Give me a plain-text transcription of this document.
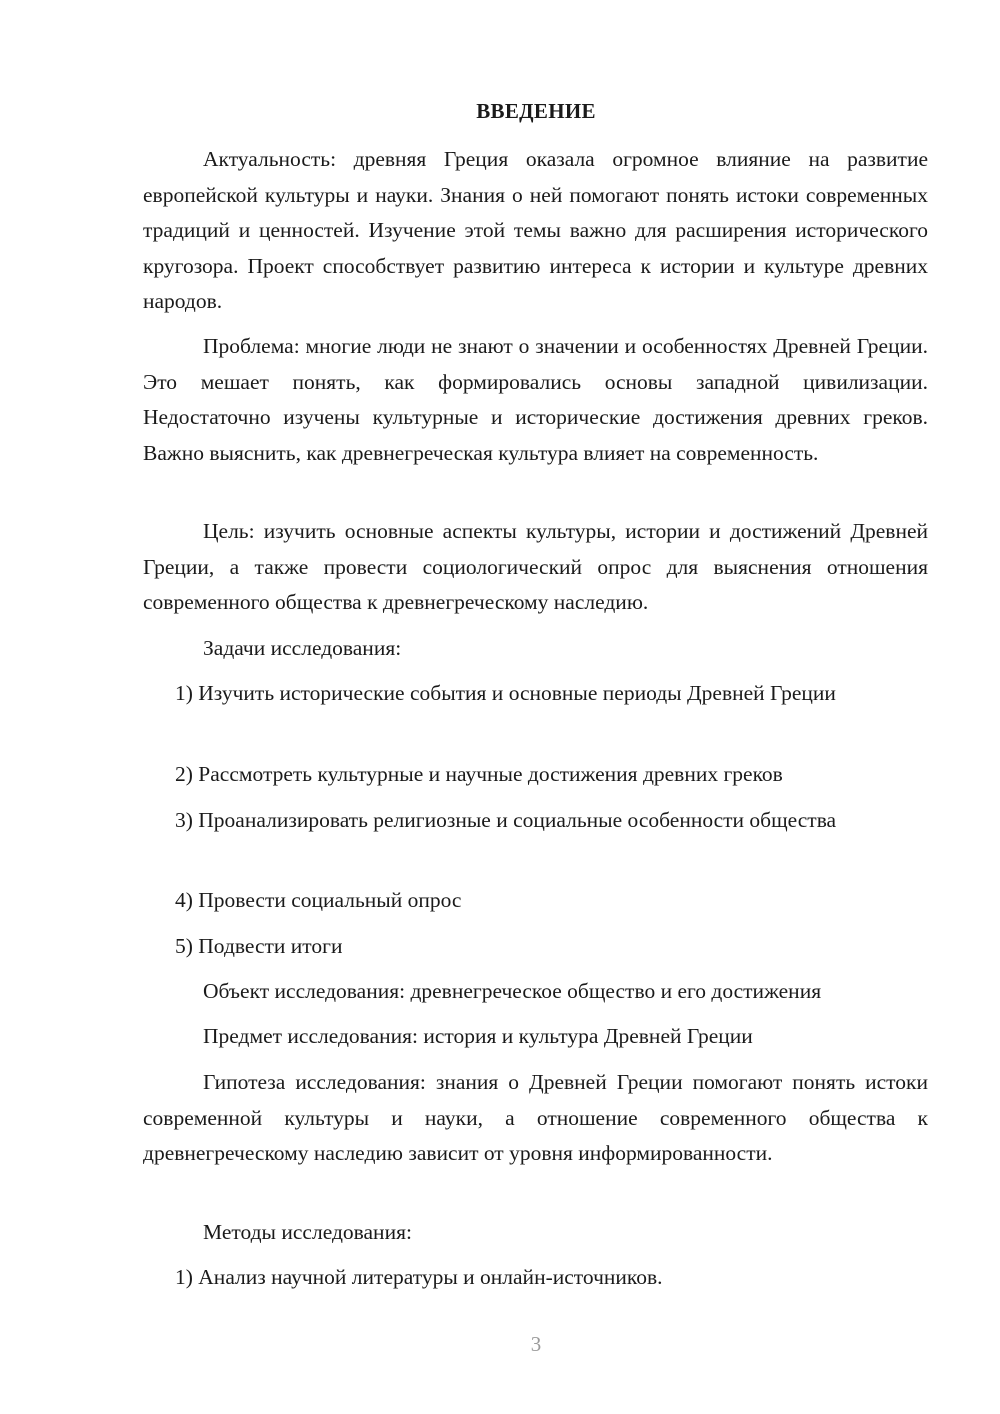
ВВЕДЕНИЕ

Актуальность: древняя Греция оказала огромное влияние на развитие европейской культуры и науки. Знания о ней помогают понять истоки современных традиций и ценностей. Изучение этой темы важно для расширения исторического кругозора. Проект способствует развитию интереса к истории и культуре древних народов.

Проблема: многие люди не знают о значении и особенностях Древней Греции. Это мешает понять, как формировались основы западной цивилизации. Недостаточно изучены культурные и исторические достижения древних греков. Важно выяснить, как древнегреческая культура влияет на современность.

Цель: изучить основные аспекты культуры, истории и достижений Древней Греции, а также провести социологический опрос для выяснения отношения современного общества к древнегреческому наследию.

Задачи исследования:

1) Изучить исторические события и основные периоды Древней Греции

2) Рассмотреть культурные и научные достижения древних греков

3) Проанализировать религиозные и социальные особенности общества

4) Провести социальный опрос

5) Подвести итоги

Объект исследования: древнегреческое общество и его достижения

Предмет исследования: история и культура Древней Греции

Гипотеза исследования: знания о Древней Греции помогают понять истоки современной культуры и науки, а отношение современного общества к древнегреческому наследию зависит от уровня информированности.

Методы исследования:

1) Анализ научной литературы и онлайн-источников.

3
